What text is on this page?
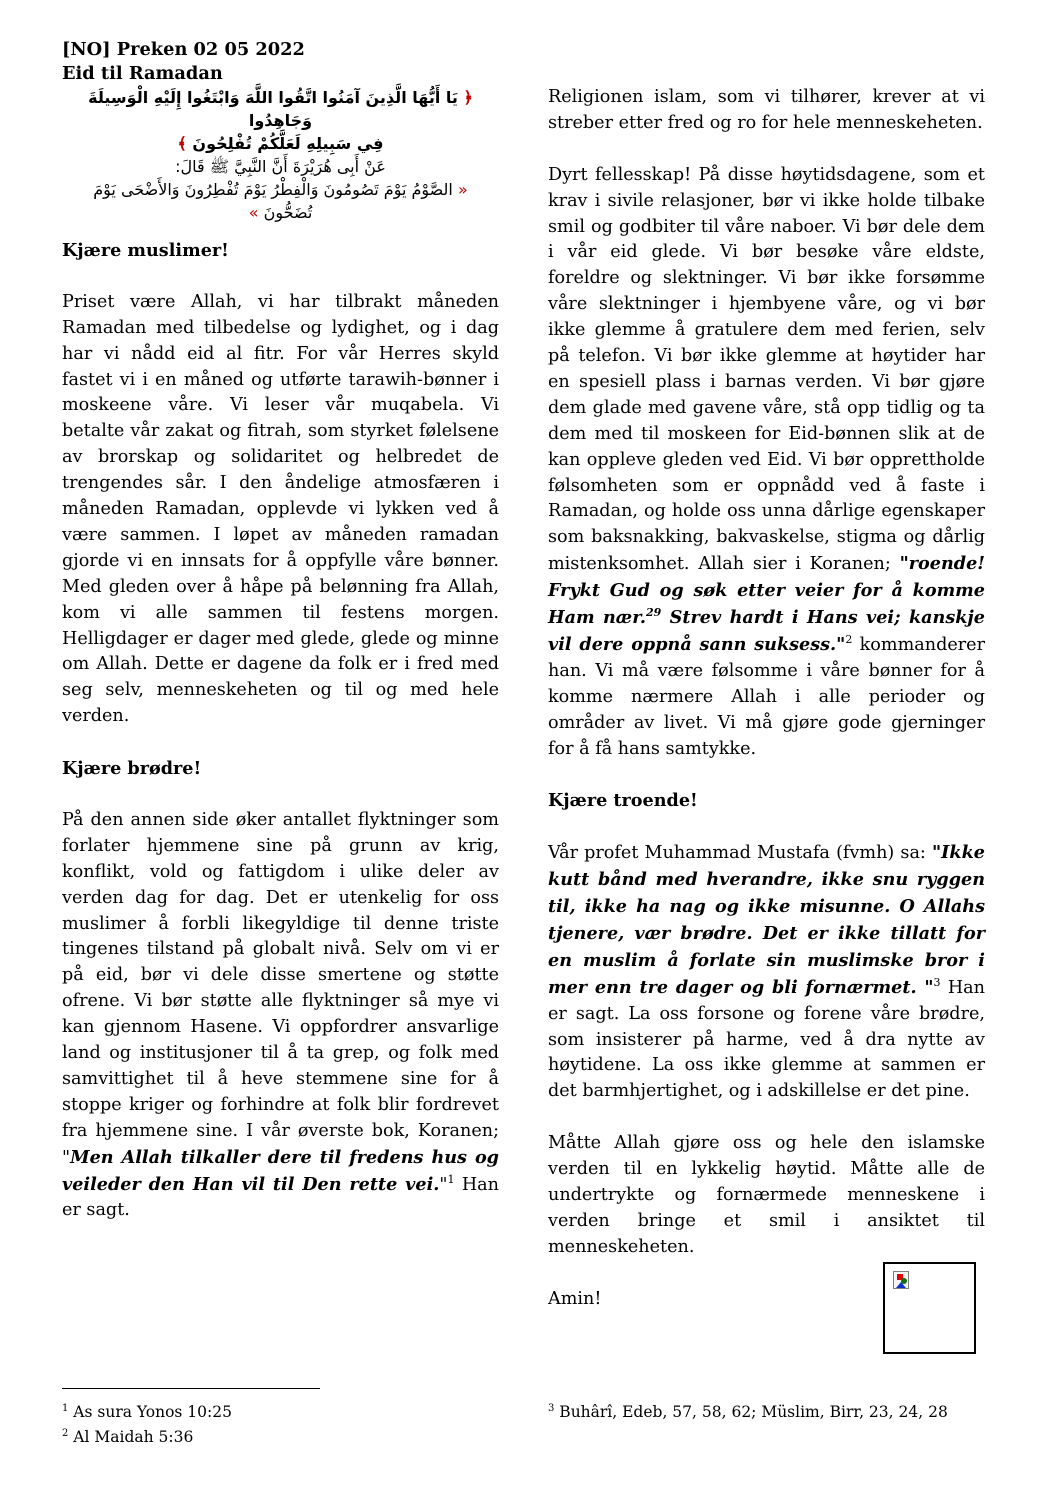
[NO] Preken 02 05 2022
Eid til Ramadan
﴿ يَا أَيُّهَا الَّذِينَ آمَنُوا اتَّقُوا اللَّهَ وَابْتَغُوا إِلَيْهِ الْوَسِيلَةَ وَجَاهِدُوا
فِي سَبِيلِهِ لَعَلَّكُمْ تُفْلِحُونَ ﴾
عَنْ أَبِى هُرَيْرَةَ أَنَّ النَّبِيَّ ﷺ قَالَ:
« الصَّوْمُ يَوْمَ تَصُومُونَ وَالْفِطْرُ يَوْمَ تُفْطِرُونَ وَالأَضْحَى يَوْمَ
تُضَحُّونَ »
Kjære muslimer!

Priset være Allah, vi har tilbrakt måneden Ramadan med tilbedelse og lydighet, og i dag har vi nådd eid al fitr. For vår Herres skyld fastet vi i en måned og utførte tarawih-bønner i moskeene våre. Vi leser vår muqabela. Vi betalte vår zakat og fitrah, som styrket følelsene av brorskap og solidaritet og helbredet de trengendes sår. I den åndelige atmosfæren i måneden Ramadan, opplevde vi lykken ved å være sammen. I løpet av måneden ramadan gjorde vi en innsats for å oppfylle våre bønner. Med gleden over å håpe på belønning fra Allah, kom vi alle sammen til festens morgen. Helligdager er dager med glede, glede og minne om Allah. Dette er dagene da folk er i fred med seg selv, menneskeheten og til og med hele verden.

Kjære brødre!

På den annen side øker antallet flyktninger som forlater hjemmene sine på grunn av krig, konflikt, vold og fattigdom i ulike deler av verden dag for dag. Det er utenkelig for oss muslimer å forbli likegyldige til denne triste tingenes tilstand på globalt nivå. Selv om vi er på eid, bør vi dele disse smertene og støtte ofrene. Vi bør støtte alle flyktninger så mye vi kan gjennom Hasene. Vi oppfordrer ansvarlige land og institusjoner til å ta grep, og folk med samvittighet til å heve stemmene sine for å stoppe kriger og forhindre at folk blir fordrevet fra hjemmene sine. I vår øverste bok, Koranen; "Men Allah tilkaller dere til fredens hus og veileder den Han vil til Den rette vei."$^1$ Han er sagt.

Religionen islam, som vi tilhører, krever at vi streber etter fred og ro for hele menneskeheten.

Dyrt fellesskap! På disse høytidsdagene, som et krav i sivile relasjoner, bør vi ikke holde tilbake smil og godbiter til våre naboer. Vi bør dele dem i vår eid glede. Vi bør besøke våre eldste, foreldre og slektninger. Vi bør ikke forsømme våre slektninger i hjembyene våre, og vi bør ikke glemme å gratulere dem med ferien, selv på telefon. Vi bør ikke glemme at høytider har en spesiell plass i barnas verden. Vi bør gjøre dem glade med gavene våre, stå opp tidlig og ta dem med til moskeen for Eid-bønnen slik at de kan oppleve gleden ved Eid. Vi bør opprettholde følsomheten som er oppnådd ved å faste i Ramadan, og holde oss unna dårlige egenskaper som baksnakking, bakvaskelse, stigma og dårlig mistenksomhet. Allah sier i Koranen; "roende! Frykt Gud og søk etter veier for å komme Ham nær.$^{29}$ Strev hardt i Hans vei; kanskje vil dere oppnå sann suksess."$^2$ kommanderer han. Vi må være følsomme i våre bønner for å komme nærmere Allah i alle perioder og områder av livet. Vi må gjøre gode gjerninger for å få hans samtykke.

Kjære troende!

Vår profet Muhammad Mustafa (fvmh) sa: "Ikke kutt bånd med hverandre, ikke snu ryggen til, ikke ha nag og ikke misunne. O Allahs tjenere, vær brødre. Det er ikke tillatt for en muslim å forlate sin muslimske bror i mer enn tre dager og bli fornærmet. "$^3$ Han er sagt. La oss forsone og forene våre brødre, som insisterer på harme, ved å dra nytte av høytidene. La oss ikke glemme at sammen er det barmhjertighet, og i adskillelse er det pine.

Måtte Allah gjøre oss og hele den islamske verden til en lykkelig høytid. Måtte alle de undertrykte og fornærmede menneskene i verden bringe et smil i ansiktet til menneskeheten.

Amin!

$^1$ As sura Yonos 10:25
$^2$ Al Maidah 5:36
$^3$ Buhârî, Edeb, 57, 58, 62; Müslim, Birr, 23, 24, 28
